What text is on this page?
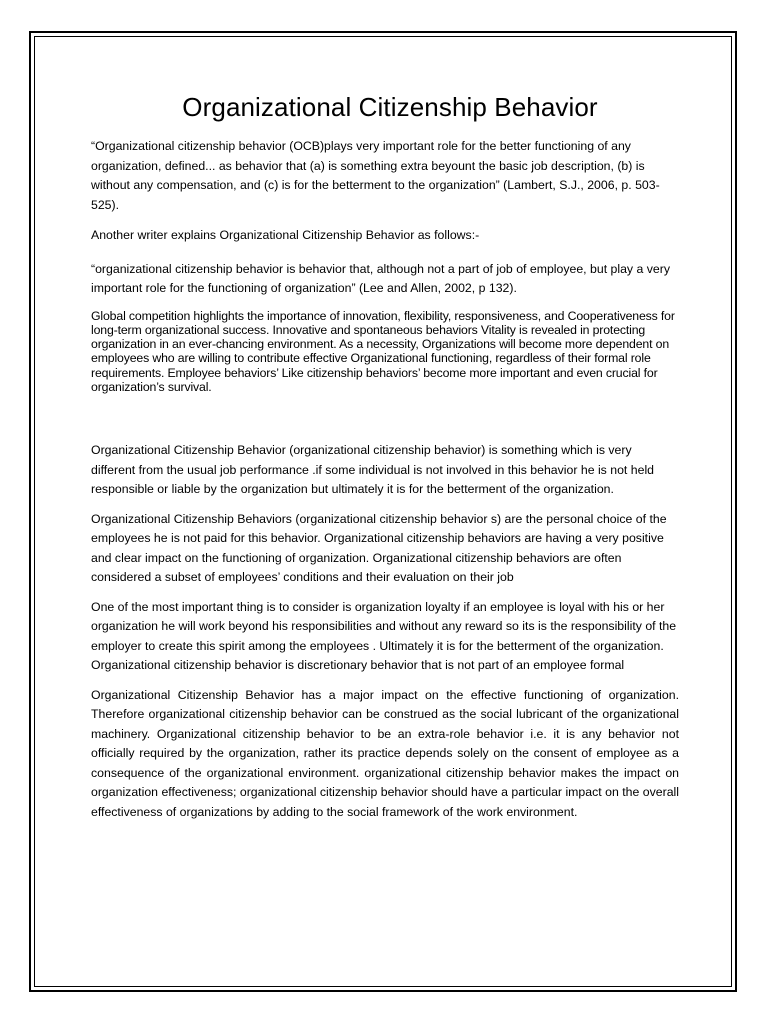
Organizational Citizenship Behavior

“Organizational citizenship behavior (OCB)plays very important role for the better functioning of any organization, defined... as behavior that (a) is something extra beyount the basic job description, (b) is without any compensation, and (c) is for the betterment to the organization” (Lambert, S.J., 2006, p. 503-525).

Another writer explains Organizational Citizenship Behavior as follows:-

“organizational citizenship behavior is behavior that, although not a part of job of employee, but play a very important role for the functioning of organization” (Lee and Allen, 2002, p 132).

Global competition highlights the importance of innovation, flexibility, responsiveness, and Cooperativeness for long-term organizational success. Innovative and spontaneous behaviors Vitality is revealed in protecting organization in an ever-chancing environment. As a necessity, Organizations will become more dependent on employees who are willing to contribute effective Organizational functioning, regardless of their formal role requirements. Employee behaviors’ Like citizenship behaviors’ become more important and even crucial for organization’s survival.

Organizational Citizenship Behavior (organizational citizenship behavior) is something which is very different from the usual job performance .if some individual is not involved in this behavior he is not held responsible or liable by the organization but ultimately it is for the betterment of the organization.

Organizational Citizenship Behaviors (organizational citizenship behavior s) are the personal choice of the employees he is not paid for this behavior. Organizational citizenship behaviors are having a very positive and clear impact on the functioning of organization. Organizational citizenship behaviors are often considered a subset of employees’ conditions and their evaluation on their job

One of the most important thing is to consider is organization loyalty if an employee is loyal with his or her organization he will work beyond his responsibilities and without any reward so its is the responsibility of the employer to create this spirit among the employees . Ultimately it is for the betterment of the organization. Organizational citizenship behavior is discretionary behavior that is not part of an employee formal

Organizational Citizenship Behavior has a major impact on the effective functioning of organization. Therefore organizational citizenship behavior can be construed as the social lubricant of the organizational machinery. Organizational citizenship behavior to be an extra-role behavior i.e. it is any behavior not officially required by the organization, rather its practice depends solely on the consent of employee as a consequence of the organizational environment. organizational citizenship behavior makes the impact on organization effectiveness; organizational citizenship behavior should have a particular impact on the overall effectiveness of organizations by adding to the social framework of the work environment.
